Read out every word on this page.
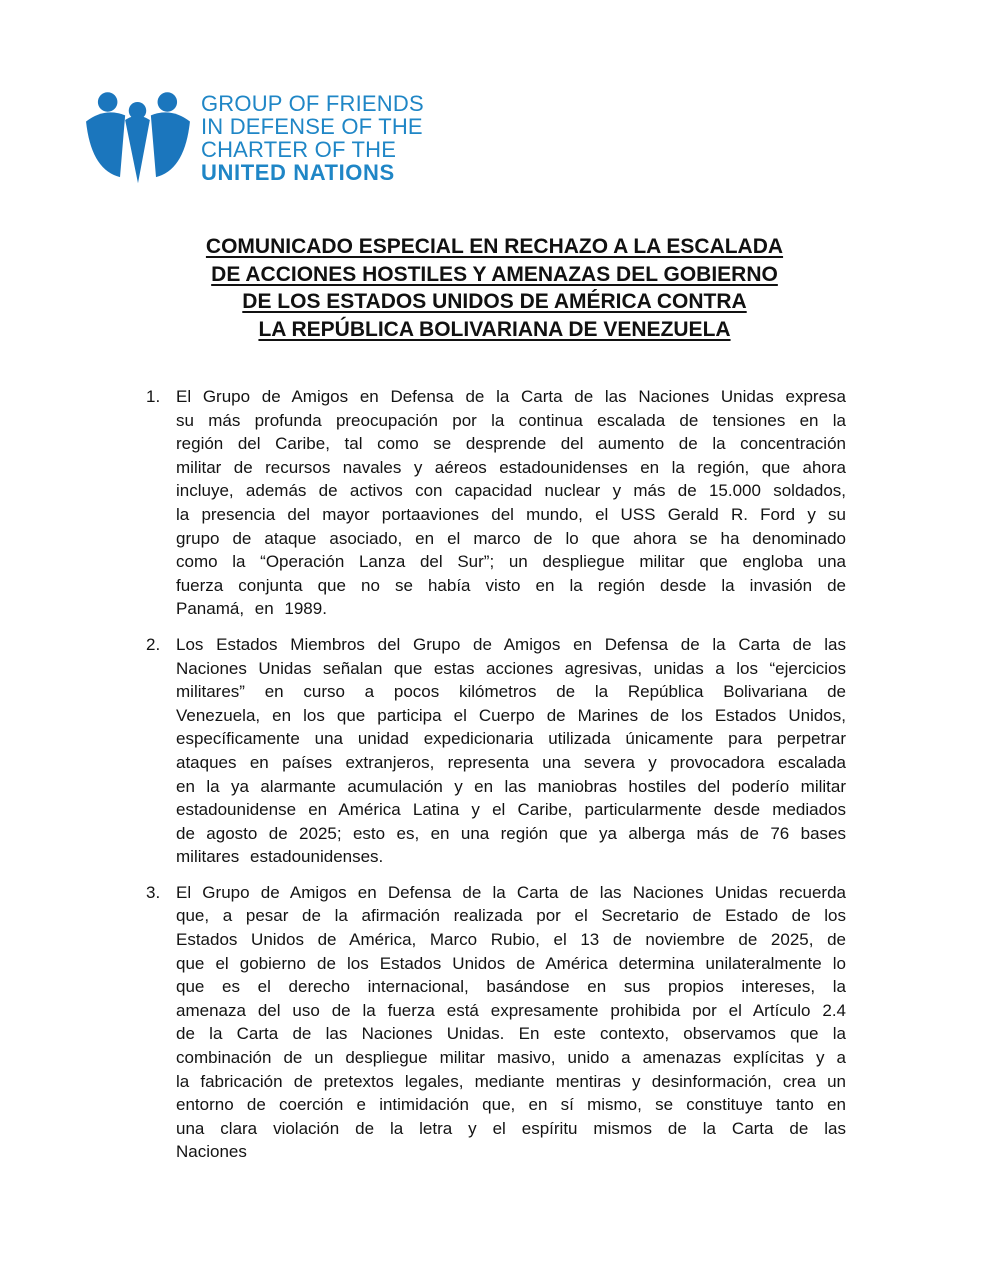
GROUP OF FRIENDS
IN DEFENSE OF THE
CHARTER OF THE
UNITED NATIONS
COMUNICADO ESPECIAL EN RECHAZO A LA ESCALADA
DE ACCIONES HOSTILES Y AMENAZAS DEL GOBIERNO
DE LOS ESTADOS UNIDOS DE AMÉRICA CONTRA
LA REPÚBLICA BOLIVARIANA DE VENEZUELA
1. El Grupo de Amigos en Defensa de la Carta de las Naciones Unidas expresa su más profunda preocupación por la continua escalada de tensiones en la región del Caribe, tal como se desprende del aumento de la concentración militar de recursos navales y aéreos estadounidenses en la región, que ahora incluye, además de activos con capacidad nuclear y más de 15.000 soldados, la presencia del mayor portaaviones del mundo, el USS Gerald R. Ford y su grupo de ataque asociado, en el marco de lo que ahora se ha denominado como la “Operación Lanza del Sur”; un despliegue militar que engloba una fuerza conjunta que no se había visto en la región desde la invasión de Panamá, en 1989.
2. Los Estados Miembros del Grupo de Amigos en Defensa de la Carta de las Naciones Unidas señalan que estas acciones agresivas, unidas a los “ejercicios militares” en curso a pocos kilómetros de la República Bolivariana de Venezuela, en los que participa el Cuerpo de Marines de los Estados Unidos, específicamente una unidad expedicionaria utilizada únicamente para perpetrar ataques en países extranjeros, representa una severa y provocadora escalada en la ya alarmante acumulación y en las maniobras hostiles del poderío militar estadounidense en América Latina y el Caribe, particularmente desde mediados de agosto de 2025; esto es, en una región que ya alberga más de 76 bases militares estadounidenses.
3. El Grupo de Amigos en Defensa de la Carta de las Naciones Unidas recuerda que, a pesar de la afirmación realizada por el Secretario de Estado de los Estados Unidos de América, Marco Rubio, el 13 de noviembre de 2025, de que el gobierno de los Estados Unidos de América determina unilateralmente lo que es el derecho internacional, basándose en sus propios intereses, la amenaza del uso de la fuerza está expresamente prohibida por el Artículo 2.4 de la Carta de las Naciones Unidas. En este contexto, observamos que la combinación de un despliegue militar masivo, unido a amenazas explícitas y a la fabricación de pretextos legales, mediante mentiras y desinformación, crea un entorno de coerción e intimidación que, en sí mismo, se constituye tanto en una clara violación de la letra y el espíritu mismos de la Carta de las Naciones
